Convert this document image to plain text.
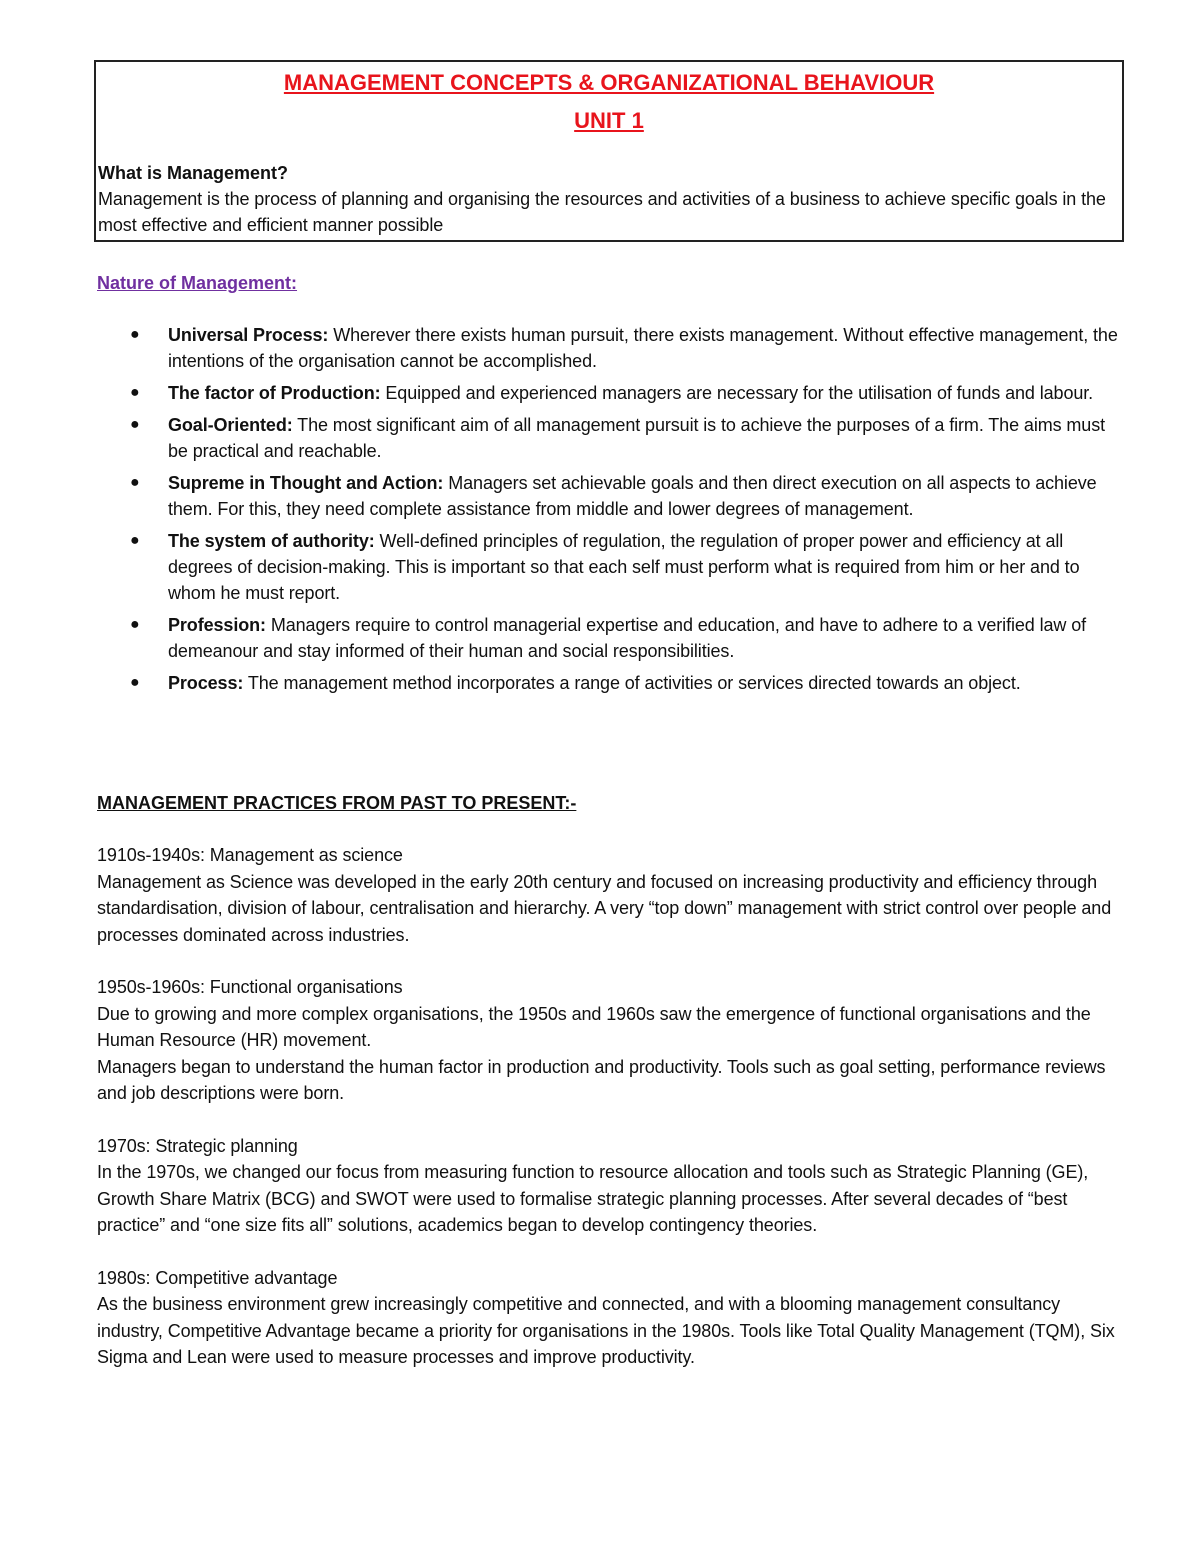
MANAGEMENT CONCEPTS & ORGANIZATIONAL BEHAVIOUR
UNIT 1
What is Management?
Management is the process of planning and organising the resources and activities of a business to achieve specific goals in the most effective and efficient manner possible
Nature of Management:
● Universal Process: Wherever there exists human pursuit, there exists management. Without effective management, the intentions of the organisation cannot be accomplished.
● The factor of Production: Equipped and experienced managers are necessary for the utilisation of funds and labour.
● Goal-Oriented: The most significant aim of all management pursuit is to achieve the purposes of a firm. The aims must be practical and reachable.
● Supreme in Thought and Action: Managers set achievable goals and then direct execution on all aspects to achieve them. For this, they need complete assistance from middle and lower degrees of management.
● The system of authority: Well-defined principles of regulation, the regulation of proper power and efficiency at all degrees of decision-making. This is important so that each self must perform what is required from him or her and to whom he must report.
● Profession: Managers require to control managerial expertise and education, and have to adhere to a verified law of demeanour and stay informed of their human and social responsibilities.
● Process: The management method incorporates a range of activities or services directed towards an object.
MANAGEMENT PRACTICES FROM PAST TO PRESENT:-
1910s-1940s: Management as science

Management as Science was developed in the early 20th century and focused on increasing productivity and efficiency through standardisation, division of labour, centralisation and hierarchy. A very “top down” management with strict control over people and processes dominated across industries.

1950s-1960s: Functional organisations

Due to growing and more complex organisations, the 1950s and 1960s saw the emergence of functional organisations and the Human Resource (HR) movement.

Managers began to understand the human factor in production and productivity. Tools such as goal setting, performance reviews and job descriptions were born.

1970s: Strategic planning

In the 1970s, we changed our focus from measuring function to resource allocation and tools such as Strategic Planning (GE), Growth Share Matrix (BCG) and SWOT were used to formalise strategic planning processes. After several decades of “best practice” and “one size fits all” solutions, academics began to develop contingency theories.

1980s: Competitive advantage

As the business environment grew increasingly competitive and connected, and with a blooming management consultancy industry, Competitive Advantage became a priority for organisations in the 1980s. Tools like Total Quality Management (TQM), Six Sigma and Lean were used to measure processes and improve productivity.
